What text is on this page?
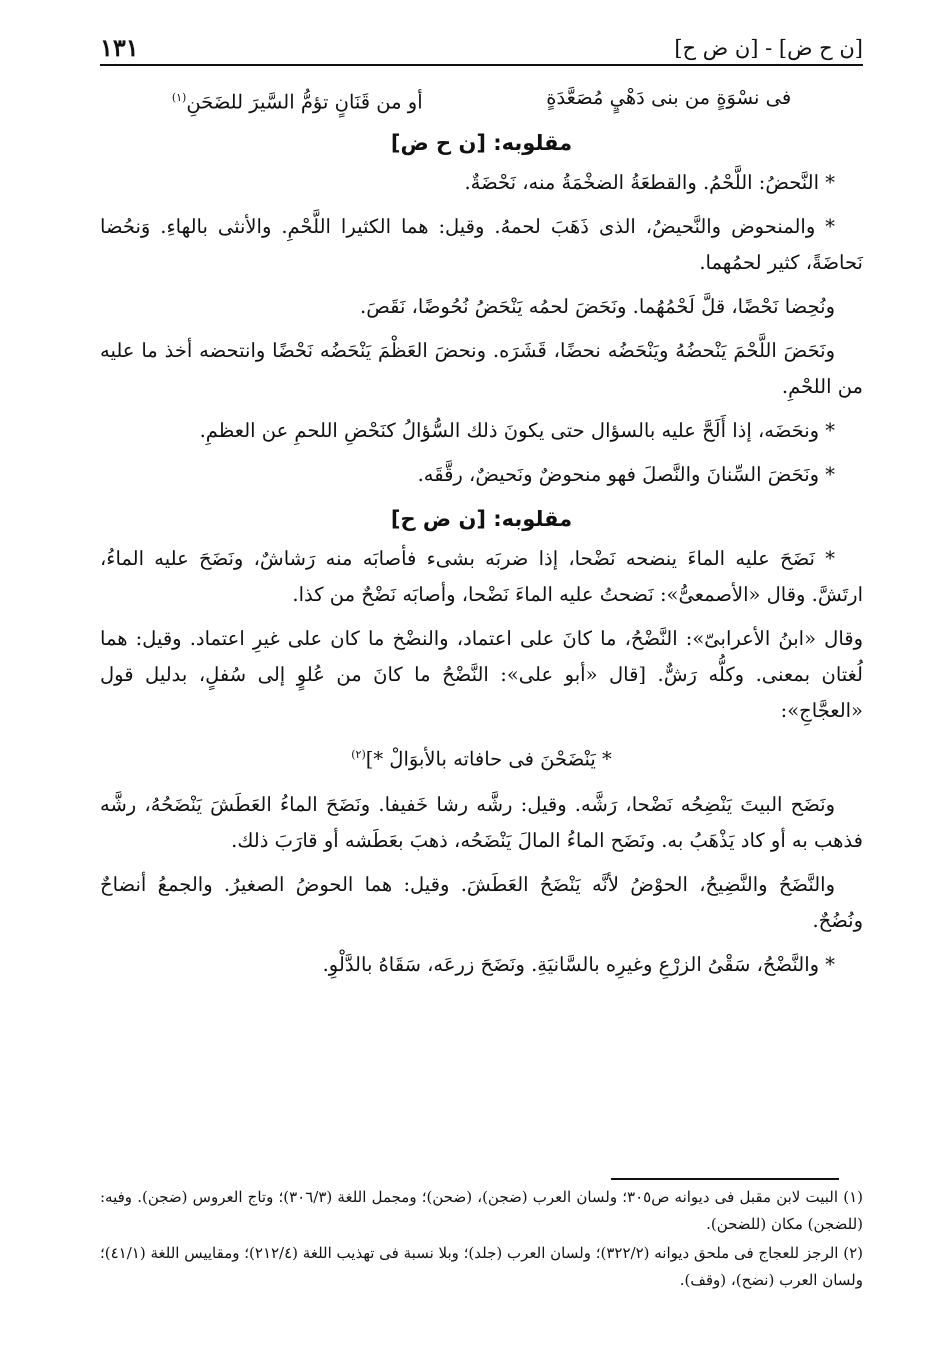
[ن ح ض] - [ن ض ح]
١٣١
فى نسْوَةٍ من بنى دَهْيٍ مُصَعَّدَةٍ
أو من قَنَانٍ تؤمُّ السَّيرَ للضَحَنِ$^{(١)}$
مقلوبه: [ن ح ض]

* النَّحضُ: اللَّحْمُ. والقطعَةُ الضخْمَةُ منه، نَحْضَةٌ.

* والمنحوض والنَّحيضُ، الذى ذَهَبَ لحمهُ. وقيل: هما الكثيرا اللَّحْمِ. والأنثى بالهاءِ. وَنحُضا نَحاضَةً، كثير لحمُهما.

ونُحِضا نَحْضًا، قلَّ لَحْمُهُما. ونَحَضَ لحمُه يَنْحَضُ نُحُوضًا، نَقَصَ.

ونَحَضَ اللَّحْمَ يَنْحضُهُ ويَنْحَضُه نحضًا، قَشَرَه. ونحضَ العَظْمَ يَنْحَضُه نَحْضًا وانتحضه أخذ ما عليه من اللحْمِ.

* ونحَضَه، إذا أَلَحَّ عليه بالسؤال حتى يكونَ ذلك السُّؤالُ كنَحْضِ اللحمِ عن العظمِ.

* ونَحَضَ السِّنانَ والنَّصلَ فهو منحوضٌ ونَحيضٌ، رقَّقَه.

مقلوبه: [ن ض ح]

* نَضَحَ عليه الماءَ ينضحه نَضْحا، إذا ضربَه بشىء فأصابَه منه رَشاشٌ، ونَضَحَ عليه الماءُ، ارتَشَّ. وقال «الأصمعىُّ»: نَضحتُ عليه الماءَ نَضْحا، وأصابَه نَضْحٌ من كذا.

وقال «ابنُ الأعرابىّ»: النَّضْحُ، ما كانَ على اعتماد، والنضْخ ما كان على غيرِ اعتماد. وقيل: هما لُغتان بمعنى. وكلُّه رَشٌّ. [قال «أبو على»: النَّضْحُ ما كانَ من عُلوٍ إلى سُفلٍ، بدليل قول «العجَّاجِ»:

* يَنْضَحْنَ فى حافاته بالأبوَالْ *]$^{(٢)}$

ونَضَح البيتَ يَنْضِحُه نَضْحا، رَشَّه. وقيل: رشَّه رشا خَفيفا. ونَضَحَ الماءُ العَطَشَ يَنْضَحُهُ، رشَّه فذهب به أو كاد يَذْهَبُ به. ونَضَح الماءُ المالَ يَنْضَحُه، ذهبَ بعَطَشه أو قارَبَ ذلك.

والنَّضَحُ والنَّضِيحُ، الحوْضُ لأنَّه يَنْضَحُ العَطَشَ. وقيل: هما الحوضُ الصغيرُ. والجمعُ أنضاحٌ ونُضُحٌ.

* والنَّضْحُ، سَقْىُ الزرْعِ وغيرِه بالسَّانيَةِ. ونَضَحَ زرعَه، سَقَاهُ بالدَّلْوِ.

(١) البيت لابن مقبل فى ديوانه ص٣٠٥؛ ولسان العرب (ضجن)، (ضحن)؛ ومجمل اللغة (٣٠٦/٣)؛ وتاج العروس (ضجن). وفيه: (للضجن) مكان (للضحن).

(٢) الرجز للعجاج فى ملحق ديوانه (٣٢٢/٢)؛ ولسان العرب (جلد)؛ وبلا نسبة فى تهذيب اللغة (٢١٢/٤)؛ ومقاييس اللغة (٤١/١)؛ ولسان العرب (نضح)، (وقف).
